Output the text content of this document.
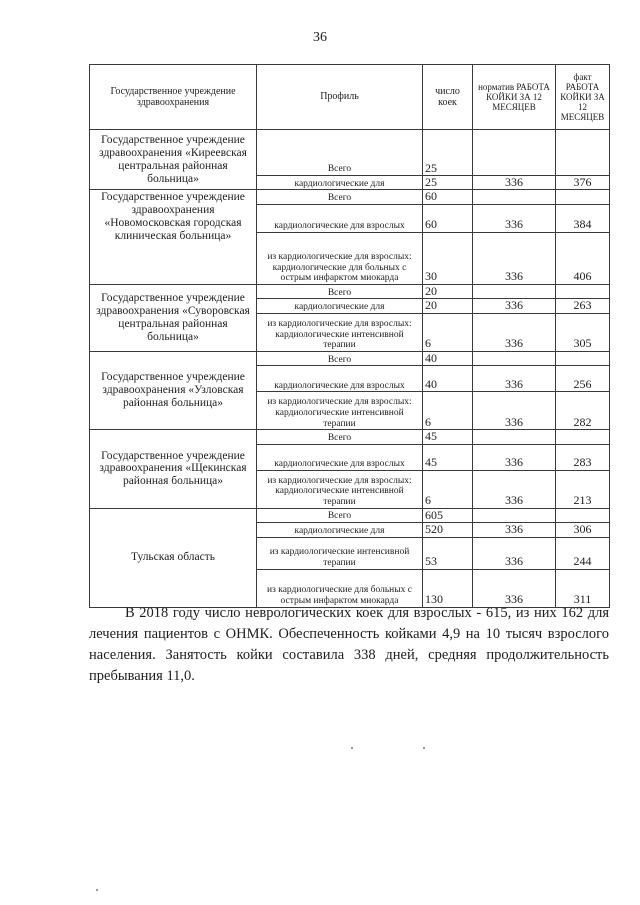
36
Государственное учреждение здравоохранения	Профиль	число коек	норматив РАБОТА КОЙКИ ЗА 12 МЕСЯЦЕВ	факт РАБОТА КОЙКИ ЗА 12 МЕСЯЦЕВ
Государственное учреждение здравоохранения «Киреевская центральная районная больница»	Всего	25		
	кардиологические для	25	336	376
Государственное учреждение здравоохранения «Новомосковская городская клиническая больница»	Всего	60		
	кардиологические для взрослых	60	336	384
	из кардиологические для взрослых: кардиологические для больных с острым инфарктом миокарда	30	336	406
Государственное учреждение здравоохранения «Суворовская центральная районная больница»	Всего	20		
	кардиологические для	20	336	263
	из кардиологические для взрослых: кардиологические интенсивной терапии	6	336	305
Государственное учреждение здравоохранения «Узловская районная больница»	Всего	40		
	кардиологические для взрослых	40	336	256
	из кардиологические для взрослых: кардиологические интенсивной терапии	6	336	282
Государственное учреждение здравоохранения «Щекинская районная больница»	Всего	45		
	кардиологические для взрослых	45	336	283
	из кардиологические для взрослых: кардиологические интенсивной терапии	6	336	213
Тульская область	Всего	605		
	кардиологические для	520	336	306
	из кардиологические интенсивной терапии	53	336	244
	из кардиологические для больных с острым инфарктом миокарда	130	336	311

В 2018 году число неврологических коек для взрослых - 615, из них 162 для лечения пациентов с ОНМК. Обеспеченность койками 4,9 на 10 тысяч взрослого населения. Занятость койки составила 338 дней, средняя продолжительность пребывания 11,0.
